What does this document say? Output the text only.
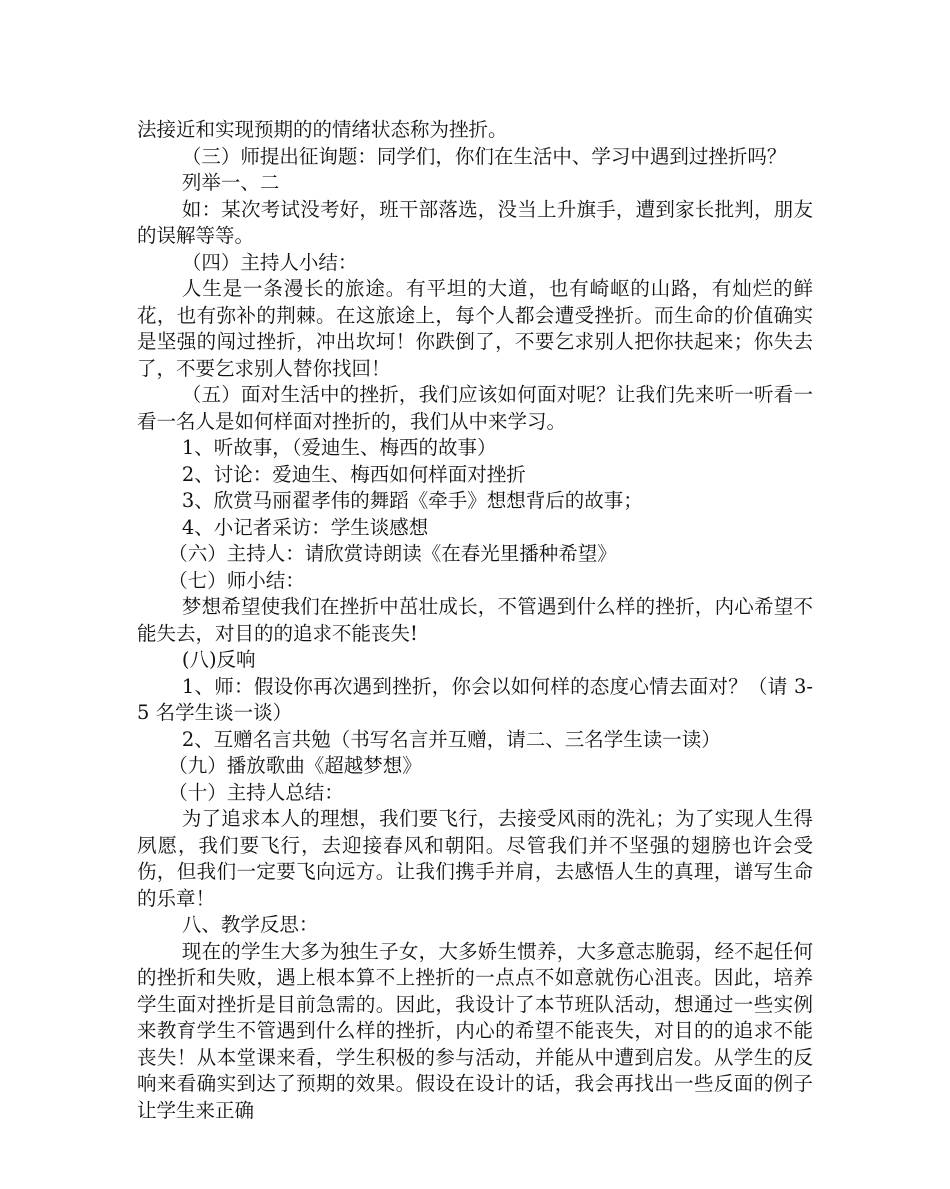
法接近和实现预期的的情绪状态称为挫折。

（三）师提出征询题：同学们，你们在生活中、学习中遇到过挫折吗？

列举一、二

如：某次考试没考好，班干部落选，没当上升旗手，遭到家长批判，朋友的误解等等。

（四）主持人小结：

人生是一条漫长的旅途。有平坦的大道，也有崎岖的山路，有灿烂的鲜花，也有弥补的荆棘。在这旅途上，每个人都会遭受挫折。而生命的价值确实是坚强的闯过挫折，冲出坎坷！你跌倒了，不要乞求别人把你扶起来；你失去了，不要乞求别人替你找回！

（五）面对生活中的挫折，我们应该如何面对呢？让我们先来听一听看一看一名人是如何样面对挫折的，我们从中来学习。

1、听故事，（爱迪生、梅西的故事）

2、讨论：爱迪生、梅西如何样面对挫折

3、欣赏马丽翟孝伟的舞蹈《牵手》想想背后的故事；

4、小记者采访：学生谈感想

（六）主持人：请欣赏诗朗读《在春光里播种希望》

（七）师小结：

梦想希望使我们在挫折中茁壮成长，不管遇到什么样的挫折，内心希望不能失去，对目的的追求不能丧失!

(八)反响

1、师：假设你再次遇到挫折，你会以如何样的态度心情去面对？（请 3-5 名学生谈一谈）

2、互赠名言共勉（书写名言并互赠，请二、三名学生读一读）

（九）播放歌曲《超越梦想》

（十）主持人总结：

为了追求本人的理想，我们要飞行，去接受风雨的洗礼；为了实现人生得夙愿，我们要飞行，去迎接春风和朝阳。尽管我们并不坚强的翅膀也许会受伤，但我们一定要飞向远方。让我们携手并肩，去感悟人生的真理，谱写生命的乐章！

八、教学反思：

现在的学生大多为独生子女，大多娇生惯养，大多意志脆弱，经不起任何的挫折和失败，遇上根本算不上挫折的一点点不如意就伤心沮丧。因此，培养学生面对挫折是目前急需的。因此，我设计了本节班队活动，想通过一些实例来教育学生不管遇到什么样的挫折，内心的希望不能丧失，对目的的追求不能丧失！从本堂课来看，学生积极的参与活动，并能从中遭到启发。从学生的反响来看确实到达了预期的效果。假设在设计的话，我会再找出一些反面的例子让学生来正确
